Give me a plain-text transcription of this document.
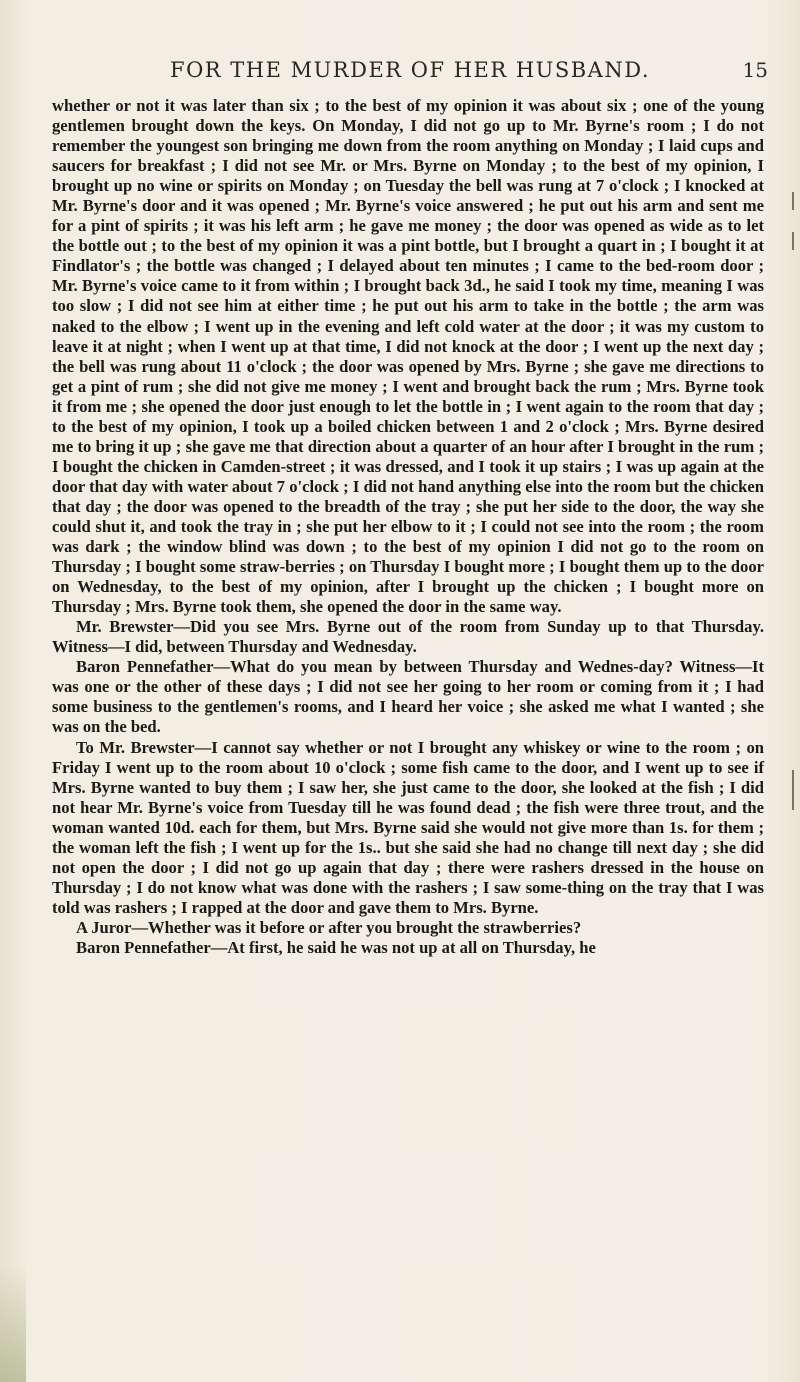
FOR THE MURDER OF HER HUSBAND.	15

whether or not it was later than six ; to the best of my opinion it was about six ; one of the young gentlemen brought down the keys. On Monday, I did not go up to Mr. Byrne's room ; I do not remember the youngest son bringing me down from the room anything on Monday ; I laid cups and saucers for breakfast ; I did not see Mr. or Mrs. Byrne on Monday ; to the best of my opinion, I brought up no wine or spirits on Monday ; on Tuesday the bell was rung at 7 o'clock ; I knocked at Mr. Byrne's door and it was opened ; Mr. Byrne's voice answered ; he put out his arm and sent me for a pint of spirits ; it was his left arm ; he gave me money ; the door was opened as wide as to let the bottle out ; to the best of my opinion it was a pint bottle, but I brought a quart in ; I bought it at Findlator's ; the bottle was changed ; I delayed about ten minutes ; I came to the bed-room door ; Mr. Byrne's voice came to it from within ; I brought back 3d., he said I took my time, meaning I was too slow ; I did not see him at either time ; he put out his arm to take in the bottle ; the arm was naked to the elbow ; I went up in the evening and left cold water at the door ; it was my custom to leave it at night ; when I went up at that time, I did not knock at the door ; I went up the next day ; the bell was rung about 11 o'clock ; the door was opened by Mrs. Byrne ; she gave me directions to get a pint of rum ; she did not give me money ; I went and brought back the rum ; Mrs. Byrne took it from me ; she opened the door just enough to let the bottle in ; I went again to the room that day ; to the best of my opinion, I took up a boiled chicken between 1 and 2 o'clock ; Mrs. Byrne desired me to bring it up ; she gave me that direction about a quarter of an hour after I brought in the rum ; I bought the chicken in Camden-street ; it was dressed, and I took it up stairs ; I was up again at the door that day with water about 7 o'clock ; I did not hand anything else into the room but the chicken that day ; the door was opened to the breadth of the tray ; she put her side to the door, the way she could shut it, and took the tray in ; she put her elbow to it ; I could not see into the room ; the room was dark ; the window blind was down ; to the best of my opinion I did not go to the room on Thursday ; I bought some straw-berries ; on Thursday I bought more ; I bought them up to the door on Wednesday, to the best of my opinion, after I brought up the chicken ; I bought more on Thursday ; Mrs. Byrne took them, she opened the door in the same way.

Mr. Brewster—Did you see Mrs. Byrne out of the room from Sunday up to that Thursday. Witness—I did, between Thursday and Wednesday.

Baron Pennefather—What do you mean by between Thursday and Wednes-day? Witness—It was one or the other of these days ; I did not see her going to her room or coming from it ; I had some business to the gentlemen's rooms, and I heard her voice ; she asked me what I wanted ; she was on the bed.

To Mr. Brewster—I cannot say whether or not I brought any whiskey or wine to the room ; on Friday I went up to the room about 10 o'clock ; some fish came to the door, and I went up to see if Mrs. Byrne wanted to buy them ; I saw her, she just came to the door, she looked at the fish ; I did not hear Mr. Byrne's voice from Tuesday till he was found dead ; the fish were three trout, and the woman wanted 10d. each for them, but Mrs. Byrne said she would not give more than 1s. for them ; the woman left the fish ; I went up for the 1s.. but she said she had no change till next day ; she did not open the door ; I did not go up again that day ; there were rashers dressed in the house on Thursday ; I do not know what was done with the rashers ; I saw some-thing on the tray that I was told was rashers ; I rapped at the door and gave them to Mrs. Byrne.

A Juror—Whether was it before or after you brought the strawberries?

Baron Pennefather—At first, he said he was not up at all on Thursday, he
